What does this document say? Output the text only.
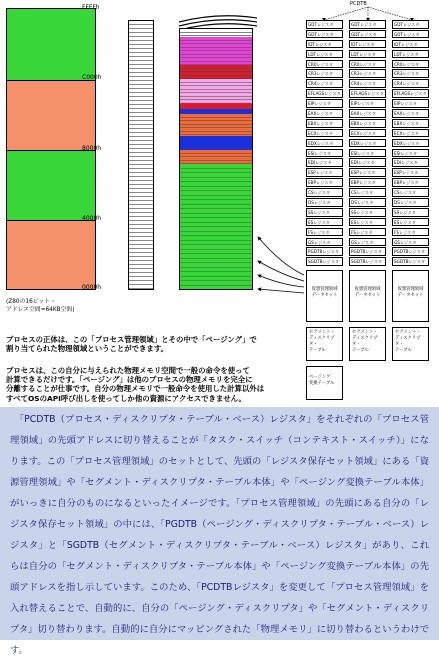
FFFFh
C000h
8000h
4000h
0000h
(Z80の16ビット・
アドレス空間=64KB空間)
PCDTB
GDTレジスタ
GDTレジスタ
IDTレジスタ
LDTレジスタ
CR0レジスタ
CR3レジスタ
CR4レジスタ
EFLAGSレジスタ
EIPレジスタ
EAXレジスタ
EBXレジスタ
ECXレジスタ
EDXレジスタ
ESIレジスタ
EDIレジスタ
ESPレジスタ
EBPレジスタ
CSレジスタ
DSレジスタ
SSレジスタ
ESレジスタ
FSレジスタ
GSレジスタ
PGDTBレジスタ
SGDTBレジスタ
GDTレジスタ
GDTレジスタ
IDTレジスタ
LDTレジスタ
CR0レジスタ
CR3レジスタ
CR4レジスタ
EFLAGSレジスタ
EIPレジスタ
EAXレジスタ
EBXレジスタ
ECXレジスタ
EDXレジスタ
ESIレジスタ
EDIレジスタ
ESPレジスタ
EBPレジスタ
CSレジスタ
DSレジスタ
SSレジスタ
ESレジスタ
FSレジスタ
GSレジスタ
PGDTBレジスタ
SGDTBレジスタ
GDTレジスタ
GDTレジスタ
IDTレジスタ
LDTレジスタ
CR0レジスタ
CR3レジスタ
CR4レジスタ
EFLAGSレジスタ
EIPレジスタ
EAXレジスタ
EBXレジスタ
ECXレジスタ
EDXレジスタ
ESIレジスタ
EDIレジスタ
ESPレジスタ
EBPレジスタ
CSレジスタ
DSレジスタ
SSレジスタ
ESレジスタ
FSレジスタ
GSレジスタ
PGDTBレジスタ
SGDTBレジスタ
仮想管理領域
データセット
仮想管理領域
データセット
仮想管理領域
データセット
セグメント・
ディスクリプタ・
テーブル
セグメント・
ディスクリプタ・
テーブル
セグメント・
ディスクリプタ・
テーブル
ページング
変換テーブル
プロセスの正体は、この「プロセス管理領域」とその中で「ページング」で
割り当てられた物理領域ということができます。
プロセスは、この自分に与えられた物理メモリ空間で一般の命令を使って
計算できるだけです。「ページング」は他のプロセスの物理メモリを完全に
分離することが仕事です。自分の物理メモリで一般命令を使用した計算以外は
すべてOSのAPI呼び出しを使ってしか他の資源にアクセスできません。
　「PCDTB（プロセス・ディスクリプタ・テーブル・ベース）レジスタ」をそれぞれの「プロセス管理領域」の先頭アドレスに切り替えることが「タスク・スイッチ（コンテキスト・スイッチ）」になります。この「プロセス管理領域」のセットとして、先頭の「レジスタ保存セット領域」にある「資源管理領域」や「セグメント・ディスクリプタ・テーブル本体」や「ページング変換テーブル本体」がいっきに自分のものになるといったイメージです。「プロセス管理領域」の先頭にある自分の「レジスタ保存セット領域」の中には、「PGDTB（ページング・ディスクリプタ・テーブル・ベース）レジスタ」と「SGDTB（セグメント・ディスクリプタ・テーブル・ベース）レジスタ」があり、これらは自分の「セグメント・ディスクリプタ・テーブル本体」や「ページング変換テーブル本体」の先頭アドレスを指し示しています。このため、「PCDTBレジスタ」を変更して「プロセス管理領域」を入れ替えることで、自動的に、自分の「ページング・ディスクリプタ」や「セグメント・ディスクリプタ」切り替わります。自動的に自分にマッピングされた「物理メモリ」に切り替わるというわけです。
